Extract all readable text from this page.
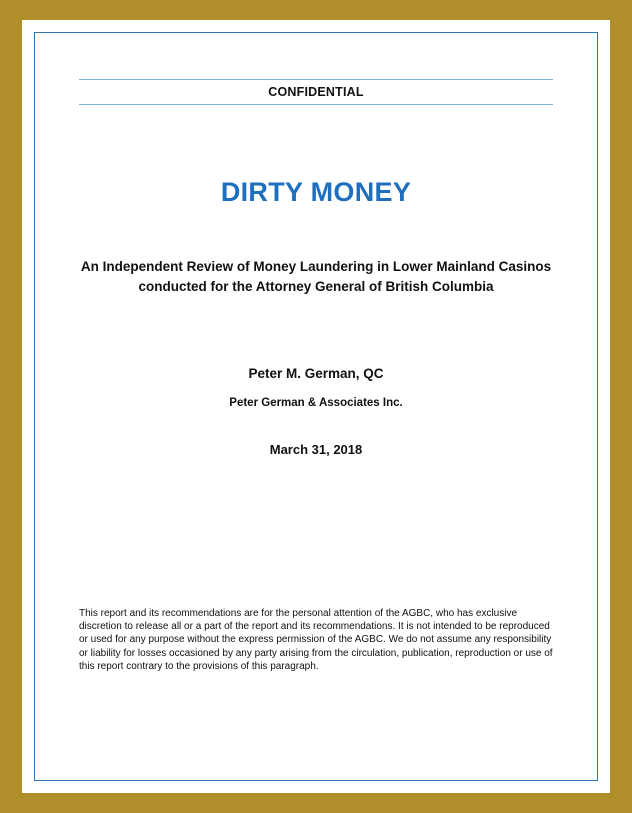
CONFIDENTIAL
DIRTY MONEY
An Independent Review of Money Laundering in Lower Mainland Casinos conducted for the Attorney General of British Columbia
Peter M. German, QC
Peter German & Associates Inc.
March 31, 2018
This report and its recommendations are for the personal attention of the AGBC, who has exclusive discretion to release all or a part of the report and its recommendations. It is not intended to be reproduced or used for any purpose without the express permission of the AGBC. We do not assume any responsibility or liability for losses occasioned by any party arising from the circulation, publication, reproduction or use of this report contrary to the provisions of this paragraph.
